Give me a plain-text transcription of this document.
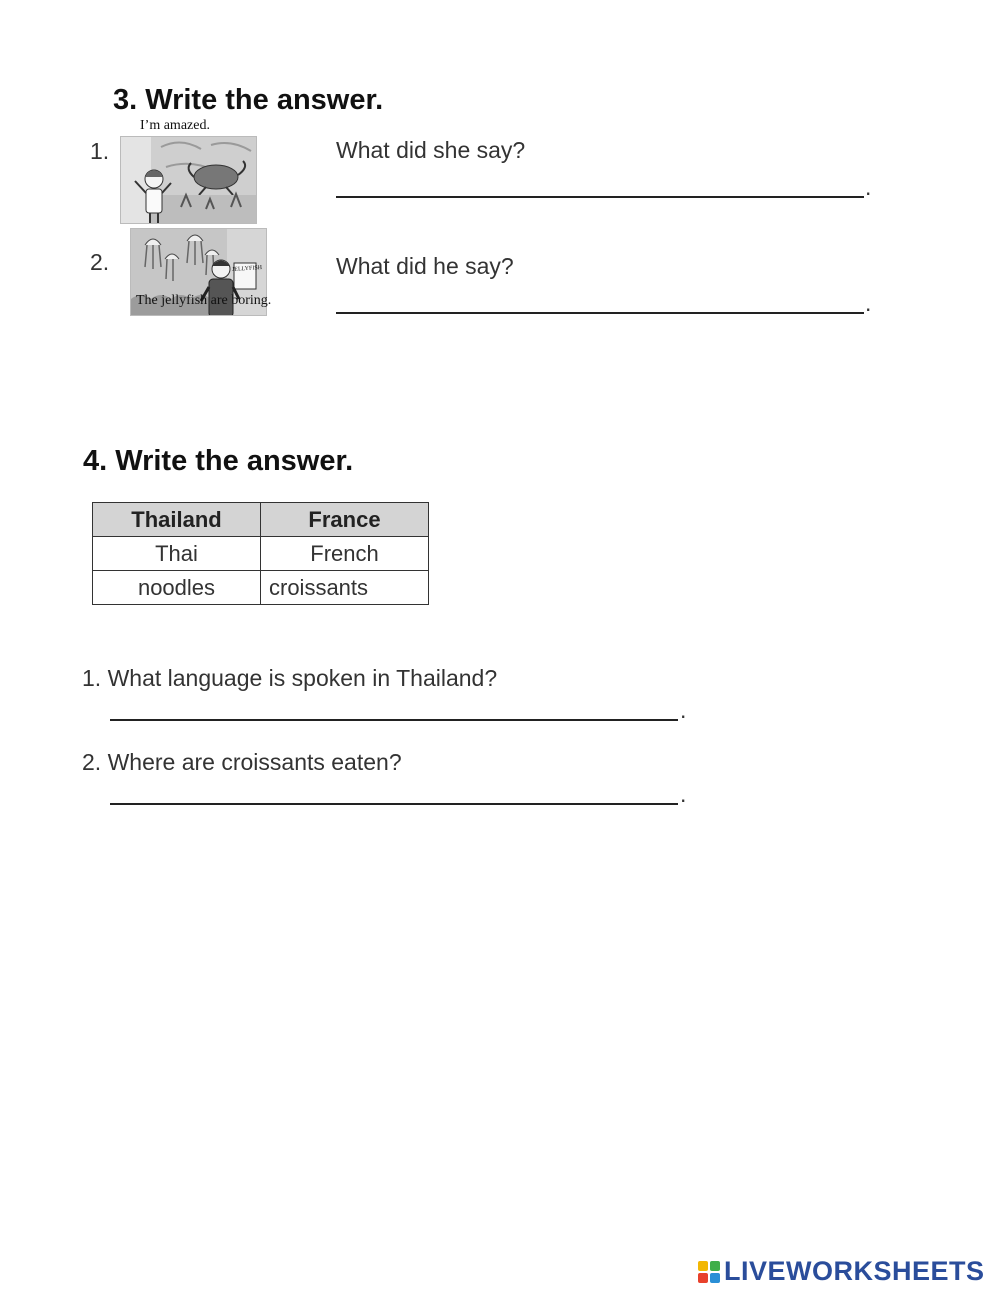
3. Write the answer.
1.
I’m amazed.
What did she say?
.
2.	JELLYFISH
The jellyfish are boring.
What did he say?
.
4. Write the answer.
Thailand	France
Thai	French
noodles	croissants
1. What language is spoken in Thailand?
.
2. Where are croissants eaten?
.
LIVEWORKSHEETS
